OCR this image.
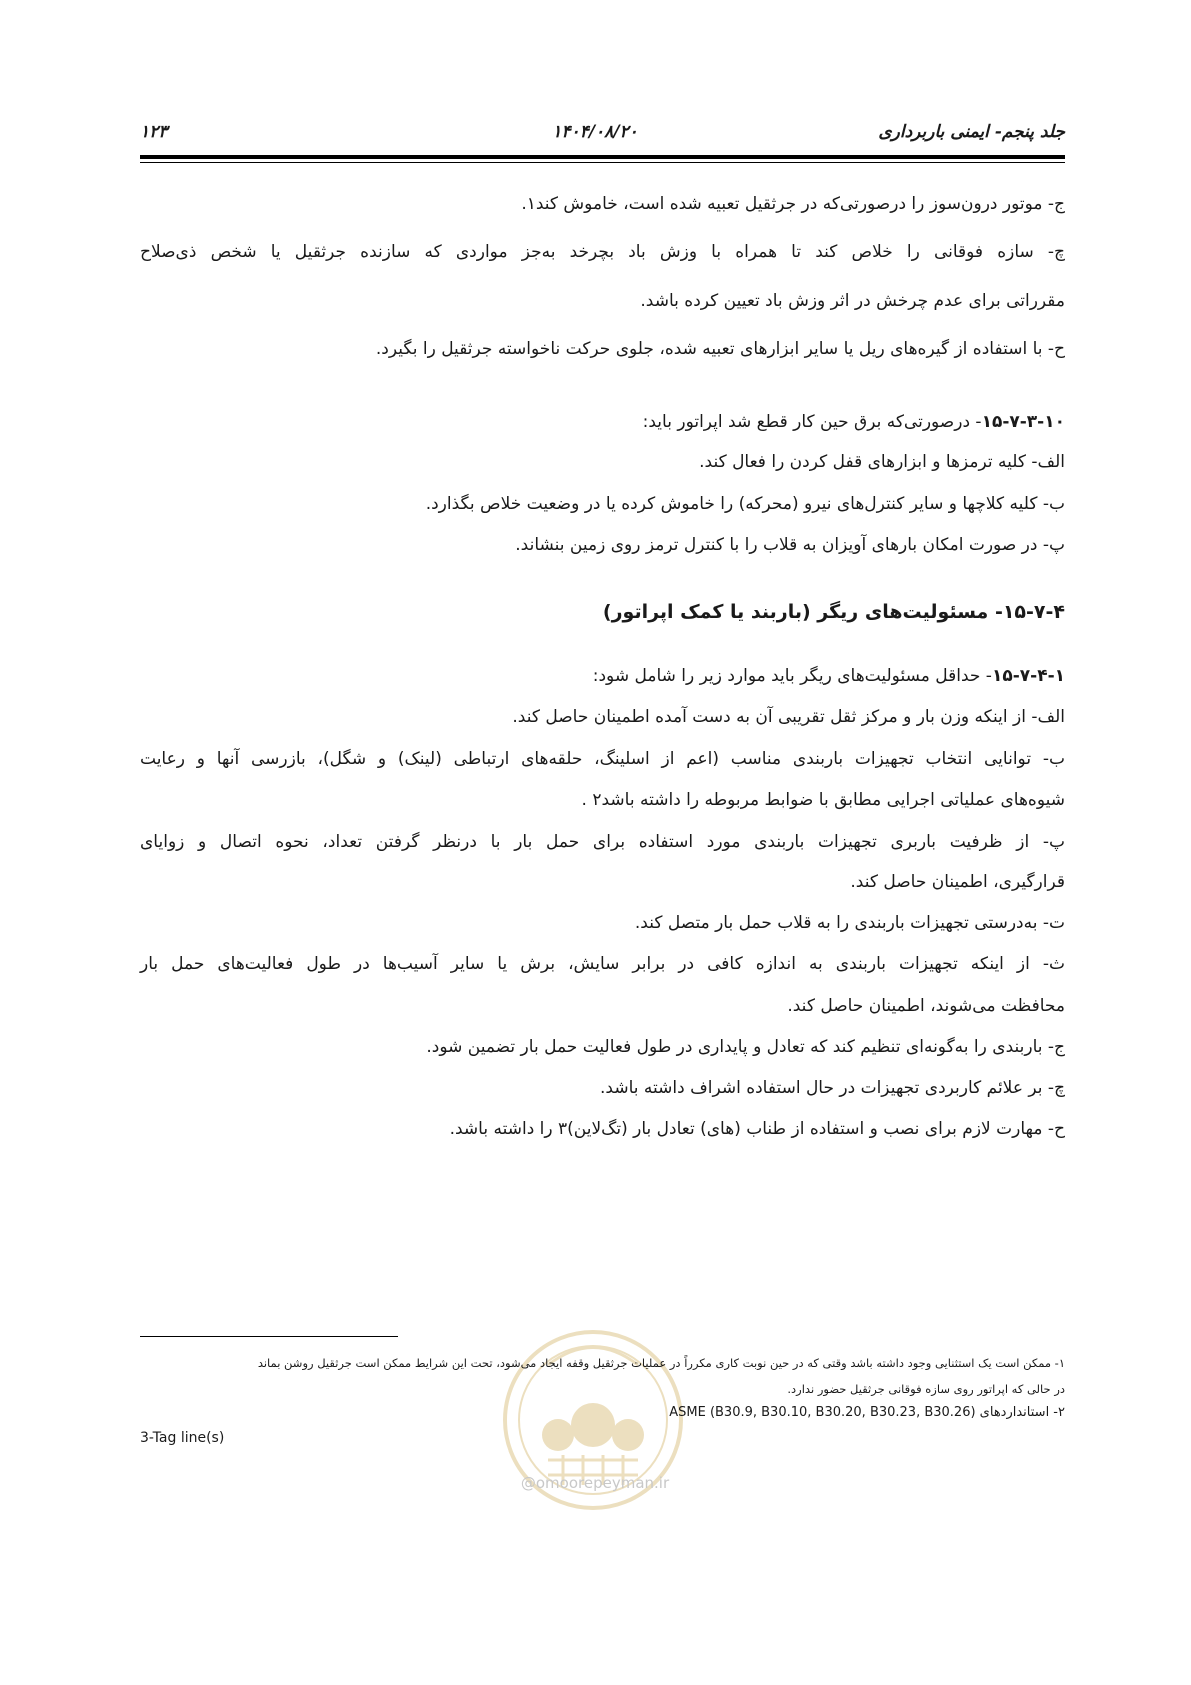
جلد پنجم- ایمنی باربرداری
۱۴۰۴/۰۸/۲۰
۱۲۳
ج- موتور درون‌سوز را درصورتی‌که در جرثقیل تعبیه شده است، خاموش کند۱.
چ- سازه فوقانی را خلاص کند تا همراه با وزش باد بچرخد به‌جز مواردی که سازنده جرثقیل یا شخص ذی‌صلاح
مقرراتی برای عدم چرخش در اثر وزش باد تعیین کرده باشد.
ح- با استفاده از گیره‌های ریل یا سایر ابزارهای تعبیه شده، جلوی حرکت ناخواسته جرثقیل را بگیرد.
۱۵-۷-۳-۱۰- درصورتی‌که برق حین کار قطع شد اپراتور باید:
الف- کلیه ترمزها و ابزارهای قفل کردن را فعال کند.
ب- کلیه کلاچها و سایر کنترل‌های نیرو (محرکه) را خاموش کرده یا در وضعیت خلاص بگذارد.
پ- در صورت امکان بارهای آویزان به قلاب را با کنترل ترمز روی زمین بنشاند.
۱۵-۷-۴- مسئولیت‌های ریگر (باربند یا کمک اپراتور)
۱۵-۷-۴-۱- حداقل مسئولیت‌های ریگر باید موارد زیر را شامل شود:
الف- از اینکه وزن بار و مرکز ثقل تقریبی آن به دست آمده اطمینان حاصل کند.
ب- توانایی انتخاب تجهیزات باربندی مناسب (اعم از اسلینگ، حلقه‌های ارتباطی (لینک) و شگل)، بازرسی آنها و رعایت
شیوه‌های عملیاتی اجرایی مطابق با ضوابط مربوطه را داشته باشد۲ .
پ- از ظرفیت باربری تجهیزات باربندی مورد استفاده برای حمل بار با درنظر گرفتن تعداد، نحوه اتصال و زوایای
قرارگیری، اطمینان حاصل کند.
ت- به‌درستی تجهیزات باربندی را به قلاب حمل بار متصل کند.
ث- از اینکه تجهیزات باربندی به اندازه کافی در برابر سایش، برش یا سایر آسیب‌ها در طول فعالیت‌های حمل بار
محافظت می‌شوند، اطمینان حاصل کند.
ج- باربندی را به‌گونه‌ای تنظیم کند که تعادل و پایداری در طول فعالیت حمل بار تضمین شود.
چ- بر علائم کاربردی تجهیزات در حال استفاده اشراف داشته باشد.
ح- مهارت لازم برای نصب و استفاده از طناب (های) تعادل بار (تگ‌لاین)۳ را داشته باشد.
@omoorepeyman.ir
۱- ممکن است یک استثنایی وجود داشته باشد وقتی که در حین نوبت کاری مکرراً در عملیات جرثقیل وقفه ایجاد می‌شود، تحت این شرایط ممکن است جرثقیل روشن بماند
در حالی که اپراتور روی سازه فوقانی جرثقیل حضور ندارد.
۲- استانداردهای ASME (B30.9, B30.10, B30.20, B30.23, B30.26)
3-Tag line(s)
